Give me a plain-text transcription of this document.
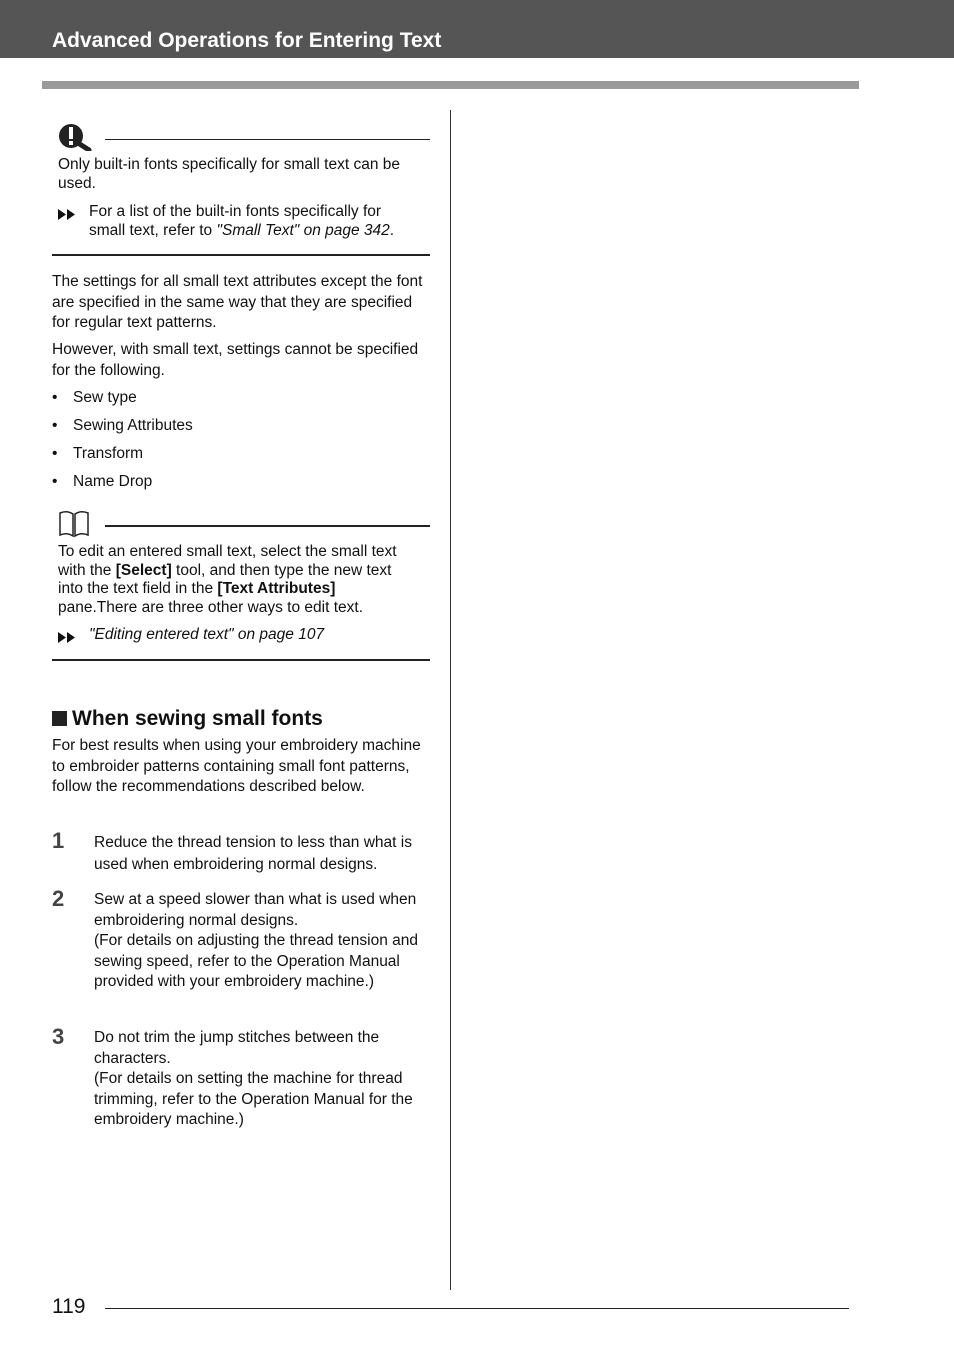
Advanced Operations for Entering Text
Only built-in fonts specifically for small text can be used.
For a list of the built-in fonts specifically for
small text, refer to "Small Text" on page 342.
The settings for all small text attributes except the font are specified in the same way that they are specified for regular text patterns.
However, with small text, settings cannot be specified for the following.
• Sew type
• Sewing Attributes
• Transform
• Name Drop
To edit an entered small text, select the small text
with the [Select] tool, and then type the new text
into the text field in the [Text Attributes]
pane.There are three other ways to edit text.
"Editing entered text" on page 107
When sewing small fonts
For best results when using your embroidery machine to embroider patterns containing small font patterns, follow the recommendations described below.
1 Reduce the thread tension to less than what is used when embroidering normal designs.
2 Sew at a speed slower than what is used when embroidering normal designs.
(For details on adjusting the thread tension and sewing speed, refer to the Operation Manual provided with your embroidery machine.)
3 Do not trim the jump stitches between the characters.
(For details on setting the machine for thread trimming, refer to the Operation Manual for the embroidery machine.)
119
